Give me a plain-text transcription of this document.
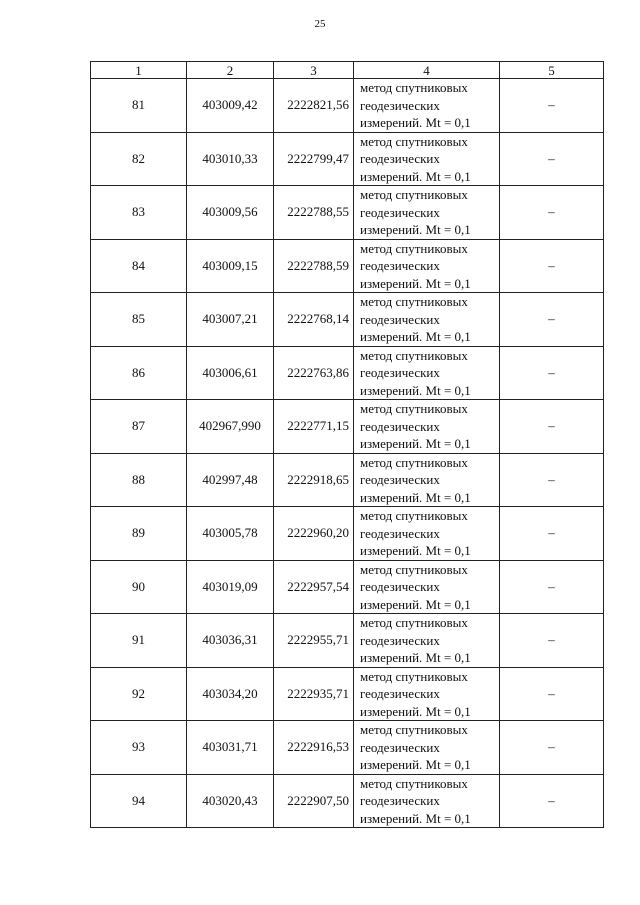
25
1	2	3	4	5
81	403009,42	2222821,56	метод спутниковых
геодезических
измерений. Mt = 0,1	–
82	403010,33	2222799,47	метод спутниковых
геодезических
измерений. Mt = 0,1	–
83	403009,56	2222788,55	метод спутниковых
геодезических
измерений. Mt = 0,1	–
84	403009,15	2222788,59	метод спутниковых
геодезических
измерений. Mt = 0,1	–
85	403007,21	2222768,14	метод спутниковых
геодезических
измерений. Mt = 0,1	–
86	403006,61	2222763,86	метод спутниковых
геодезических
измерений. Mt = 0,1	–
87	402967,990	2222771,15	метод спутниковых
геодезических
измерений. Mt = 0,1	–
88	402997,48	2222918,65	метод спутниковых
геодезических
измерений. Mt = 0,1	–
89	403005,78	2222960,20	метод спутниковых
геодезических
измерений. Mt = 0,1	–
90	403019,09	2222957,54	метод спутниковых
геодезических
измерений. Mt = 0,1	–
91	403036,31	2222955,71	метод спутниковых
геодезических
измерений. Mt = 0,1	–
92	403034,20	2222935,71	метод спутниковых
геодезических
измерений. Mt = 0,1	–
93	403031,71	2222916,53	метод спутниковых
геодезических
измерений. Mt = 0,1	–
94	403020,43	2222907,50	метод спутниковых
геодезических
измерений. Mt = 0,1	–
